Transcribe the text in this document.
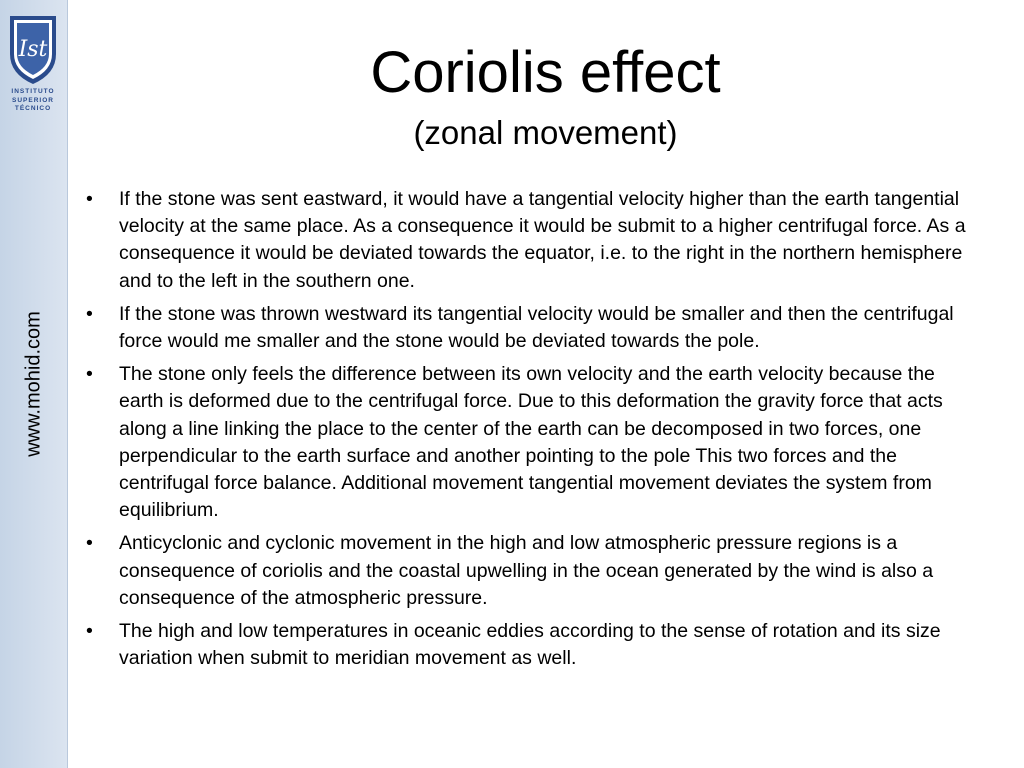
Ist
INSTITUTO
SUPERIOR
TÉCNICO
www.mohid.com
Coriolis effect
(zonal movement)
• If the stone was sent eastward, it would have a tangential velocity higher than the earth tangential velocity at the same place. As a consequence it would be submit to a higher centrifugal force. As a consequence it would be deviated towards the equator, i.e. to the right in the northern hemisphere and to the left in the southern one.
• If the stone was thrown westward its tangential velocity would be smaller and then the centrifugal force would me smaller and the stone would be deviated towards the pole.
• The stone only feels the difference between its own velocity and the earth velocity because the earth is deformed due to the centrifugal force. Due to this deformation the gravity force that acts along a line linking the place to the center of the earth can be decomposed in two forces, one perpendicular to the earth surface and another pointing to the pole This two forces and the centrifugal force balance. Additional movement tangential movement deviates the system from equilibrium.
• Anticyclonic and cyclonic movement in the high and low atmospheric pressure regions is a consequence of coriolis and the coastal upwelling in the ocean generated by the wind is also a consequence of the atmospheric pressure.
• The high and low temperatures in oceanic eddies according to the sense of rotation and its size variation when submit to meridian movement as well.
